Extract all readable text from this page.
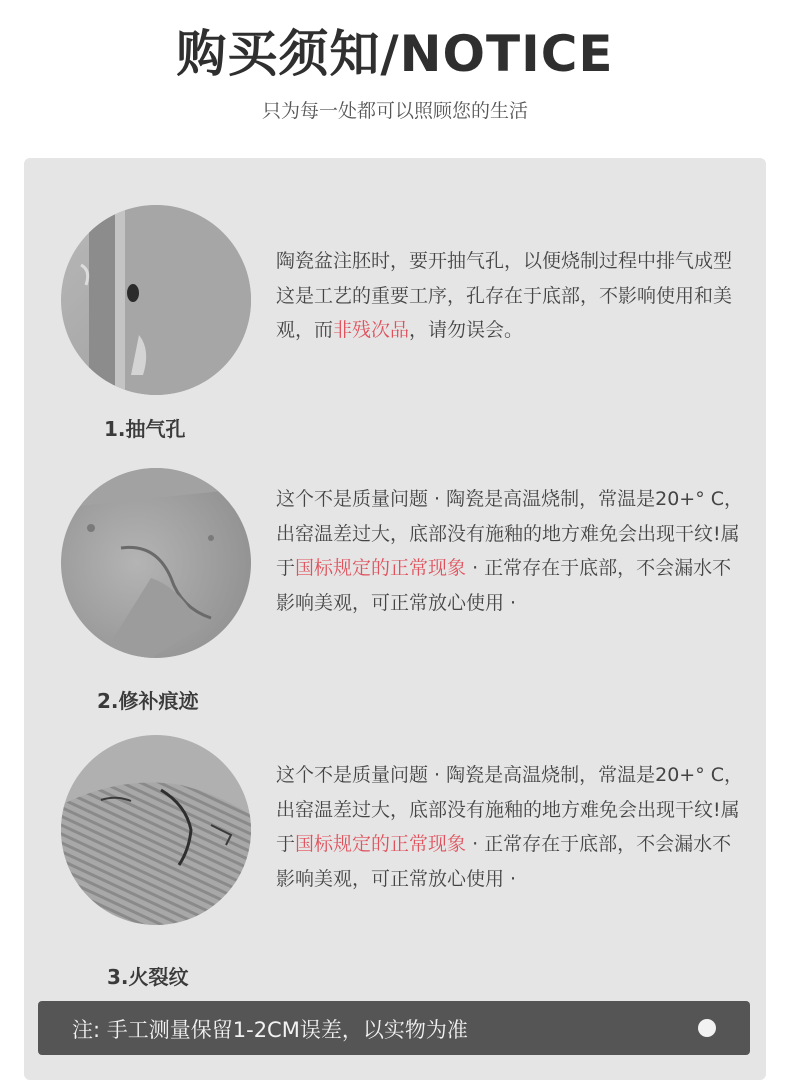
购买须知/NOTICE
只为每一处都可以照顾您的生活
1.抽气孔

陶瓷盆注胚时，要开抽气孔，以便烧制过程中排气成型这是工艺的重要工序，孔存在于底部，不影响使用和美观，而非残次品，请勿误会。

2.修补痕迹

这个不是质量问题 · 陶瓷是高温烧制，常温是20+° C，出窑温差过大，底部没有施釉的地方难免会出现干纹!属于国标规定的正常现象 · 正常存在于底部，不会漏水不影响美观，可正常放心使用 ·

3.火裂纹

这个不是质量问题 · 陶瓷是高温烧制，常温是20+° C，出窑温差过大，底部没有施釉的地方难免会出现干纹!属于国标规定的正常现象 · 正常存在于底部，不会漏水不影响美观，可正常放心使用 ·

注: 手工测量保留1-2CM误差，以实物为准
